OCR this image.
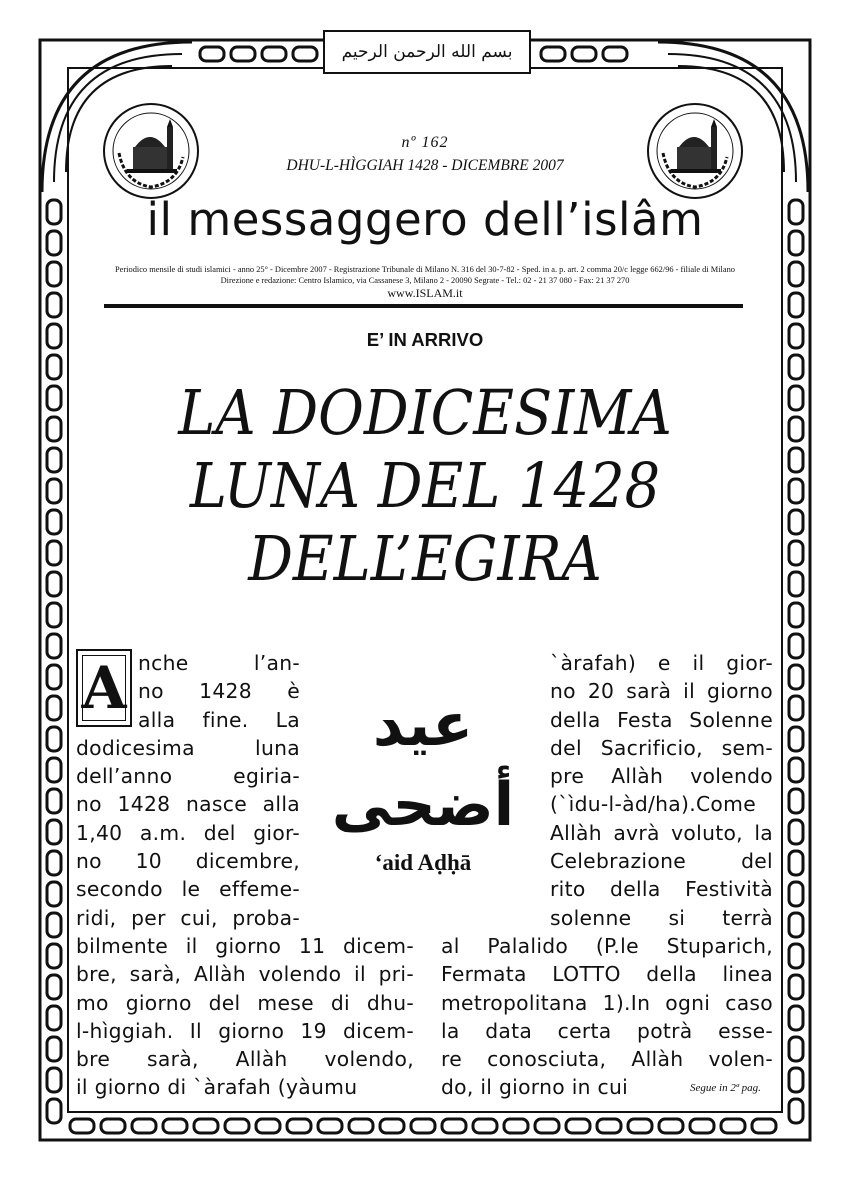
بسم الله الرحمن الرحيم
nº 162
DHU-L-HÌGGIAH 1428 - DICEMBRE 2007
il messaggero dell’islâm
Periodico mensile di studi islamici - anno 25° - Dicembre 2007 - Registrazione Tribunale di Milano N. 316 del 30-7-82 - Sped. in a. p. art. 2 comma 20/c legge 662/96 - filiale di Milano
Direzione e redazione: Centro Islamico, via Cassanese 3, Milano 2 - 20090 Segrate - Tel.: 02 - 21 37 080 - Fax: 21 37 270
www.ISLAM.it
E’ IN ARRIVO
LA DODICESIMA
LUNA DEL 1428
DELL’EGIRA
A nche l’an-
no 1428 è
alla fine. La
dodicesima luna
dell’anno egiria-
no 1428 nasce alla
1,40 a.m. del gior-
no 10 dicembre,
secondo le effeme-
ridi, per cui, proba-
bilmente il giorno 11 dicem-
bre, sarà, Allàh volendo il pri-
mo giorno del mese di dhu-
l-hìggiah. Il giorno 19 dicem-
bre sarà, Allàh volendo,
il giorno di `àrafah (yàumu
`àrafah) e il gior-
no 20 sarà il giorno
della Festa Solenne
del Sacrificio, sem-
pre Allàh volendo
(`ìdu-l-àd/ha).Come
Allàh avrà voluto, la
Celebrazione del
rito della Festività
solenne si terrà
al Palalido (P.le Stuparich,
Fermata LOTTO della linea
metropolitana 1).In ogni caso
la data certa potrà esse-
re conosciuta, Allàh volen-
do, il giorno in cui
عيد
أضحى
‘aid Aḍḥā
Segue in 2ª pag.
